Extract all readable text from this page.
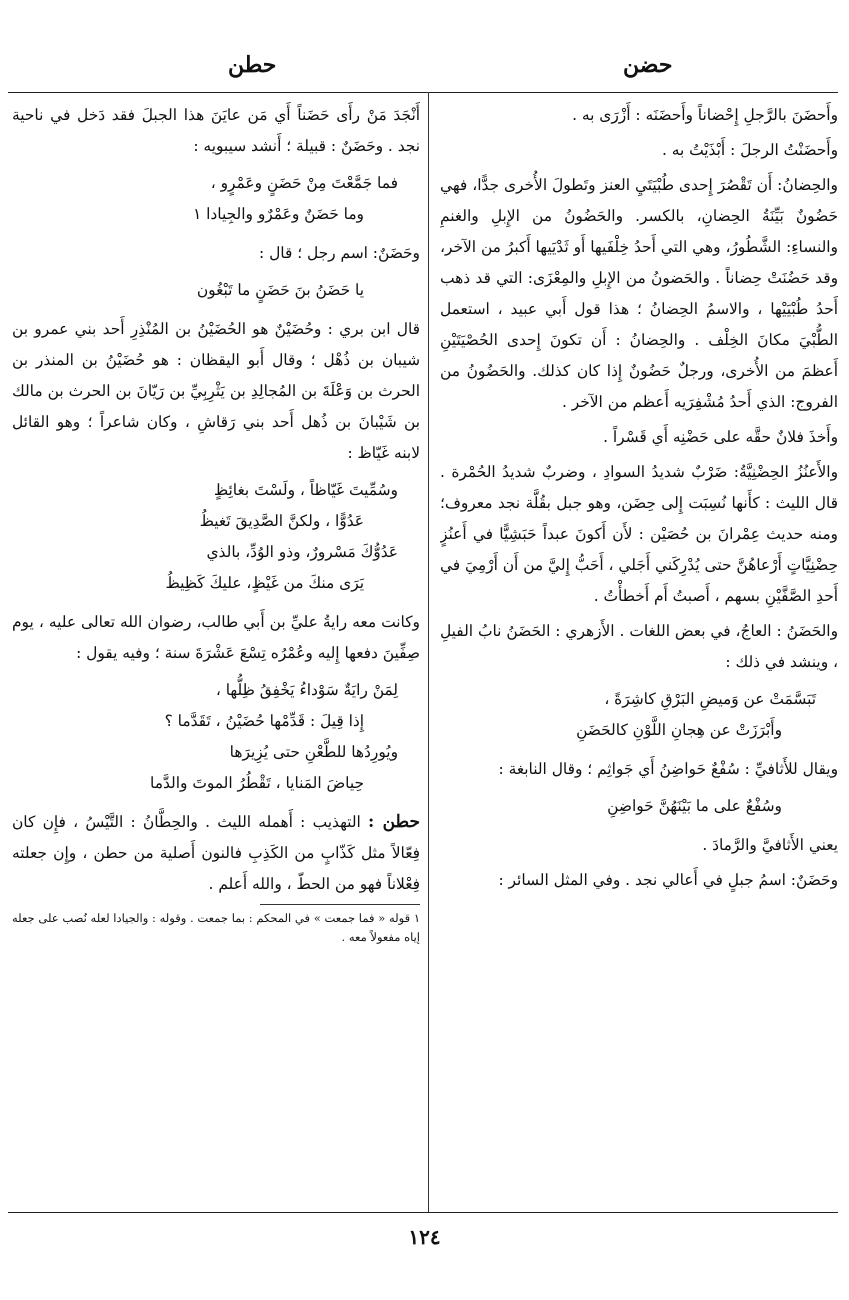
حضن
حطن

وأَحضَنَ بالرَّجلِ إِحْضاناً وأَحضَنَه : أَزْرَى به .

وأَحضَنْتُ الرجلَ : أَبْذَيْتُ به .

والحِضانُ: أَن تَقْصُرَ إِحدى طُبْيَتَيِ العنز وتَطولَ الأُخرى جدًّا، فهي حَضُونٌ بَيِّنَةُ الحِضانِ، بالكسر. والحَضُونُ من الإِبلِ والغنمِ والنساءِ: الشَّطُورُ، وهي التي أَحدُ خِلْفَيها أَو ثَدْيَيها أَكبرُ من الآخر، وقد حَضُنَتْ حِضاناً . والحَضونُ من الإِبلِ والمِعْزَى: التي قد ذهب أَحدُ طُبْيَيْها ، والاسمُ الحِضانُ ؛ هذا قول أَبي عبيد ، استعمل الطُّبْيَ مكانَ الخِلْف . والحِضانُ : أَن تكونَ إِحدى الحُصْيَتَيْنِ أَعظمَ من الأُخرى، ورجلٌ حَضُونٌ إِذا كان كذلك. والحَضُونُ من الفروج: الذي أَحدُ مُشْفِرَيه أَعظم من الآخر .

وأَخذَ فلانٌ حقَّه على حَضْنِه أَي قَسْراً .

والأَعنُزُ الحِضْنِيَّةُ: ضَرْبٌ شديدُ السوادِ ، وضربٌ شديدُ الحُمْرة . قال الليث : كأَنها نُسِبَت إِلى حِضَن، وهو جبل بقُلَّة نجد معروف؛ ومنه حديث عِمْرانَ بن حُصَيْن : لأَن أَكونَ عبداً حَبَشِيًّا في أَعنُزٍ حِضْنِيَّاتٍ أَرْعاهُنَّ حتى يُدْرِكَني أَجَلي ، أَحَبُّ إِليَّ من أَن أَرْمِيَ في أَحدِ الصَّفَّيْنِ بسهم ، أَصبتُ أَم أَخطأْتُ .

والحَضَنُ : العاجُ، في بعض اللغات . الأَزهري : الحَضَنُ نابُ الفيلِ ، وينشد في ذلك :

تَبَسَّمَتْ عن وَميضِ البَرْقِ كاشِرَةً ،

وأَبْرَزَتْ عن هِجانِ اللَّوْنِ كالحَضَنِ

ويقال للأَثافيِّ : سُفْعٌ حَواضِنُ أَي جَواثِم ؛ وقال النابغة :

وسُفْعٌ على ما بَيْنَهُنَّ حَواضِنِ

يعني الأَثافيَّ والرَّمادَ .

وحَضَنٌ: اسمُ جبلٍ في أَعالي نجد . وفي المثل السائر :

أَنْجَدَ مَنْ رأَى حَضَناً أَي مَن عايَنَ هذا الجبلَ فقد دَخل في ناحية نجد . وحَضَنٌ : قبيلة ؛ أَنشد سيبويه :

فما جَمَّعْتَ مِنْ حَضَنٍ وعَمْرٍو ،

وما حَضَنٌ وعَمْرٌو والجِيادا ١

وحَضَنٌ: اسم رجل ؛ قال :

يا حَضَنُ بنَ حَضَنٍ ما تَبْغُون

قال ابن بري : وحُضَيْنٌ هو الحُضَيْنُ بن المُنْذِرِ أَحد بني عمرو بن شيبان بن ذُهْل ؛ وقال أَبو اليقظان : هو حُضَيْنُ بن المنذر بن الحرث بن وَعْلَةَ بن المُجالِدِ بن يَثْرِبِيِّ بن رَيّانَ بن الحرث بن مالك بن شَيْبانَ بن ذُهل أَحد بني رَقاشِ ، وكان شاعراً ؛ وهو القائل لابنه غَيّاظ :

وسُمِّيتَ غَيّاظاً ، ولَسْتَ بغائِظٍ

عَدُوًّا ، ولكنَّ الصَّدِيقَ تَغيظُ

عَدُوُّكَ مَسْرورٌ، وذو الوُدِّ، بالذي

يَرَى منكَ من غَيْظٍ، عليكَ كَظِيظُ

وكانت معه رايةُ عليِّ بن أَبي طالب، رضوان الله تعالى عليه ، يوم صِفِّينَ دفعها إِليه وعُمْرُه تِسْعَ عَشْرَةَ سنة ؛ وفيه يقول :

لِمَنْ رايَةٌ سَوْداءُ يَخْفِقُ ظِلُّها ،

إِذا قِيلَ : قَدِّمْها حُضَيْنُ ، تَقَدَّما ؟

ويُورِدُها للطَّعْنِ حتى يُزِيرَها

حِياضَ المَنايا ، تَقْطُرُ الموتَ والدَّما

حطن : التهذيب : أَهمله الليث . والحِطَّانُ : التَّيْسُ ، فإِن كان فِعّالاً مثل كَذّابٍ من الكَذِبِ فالنون أَصلية من حطن ، وإِن جعلته فِعْلاناً فهو من الحطّ ، والله أَعلم .

١ قوله « فما جمعت » في المحكم : بما جمعت . وقوله : والجيادا لعله نُصب على جعله إياه مفعولاً معه .

١٢٤
